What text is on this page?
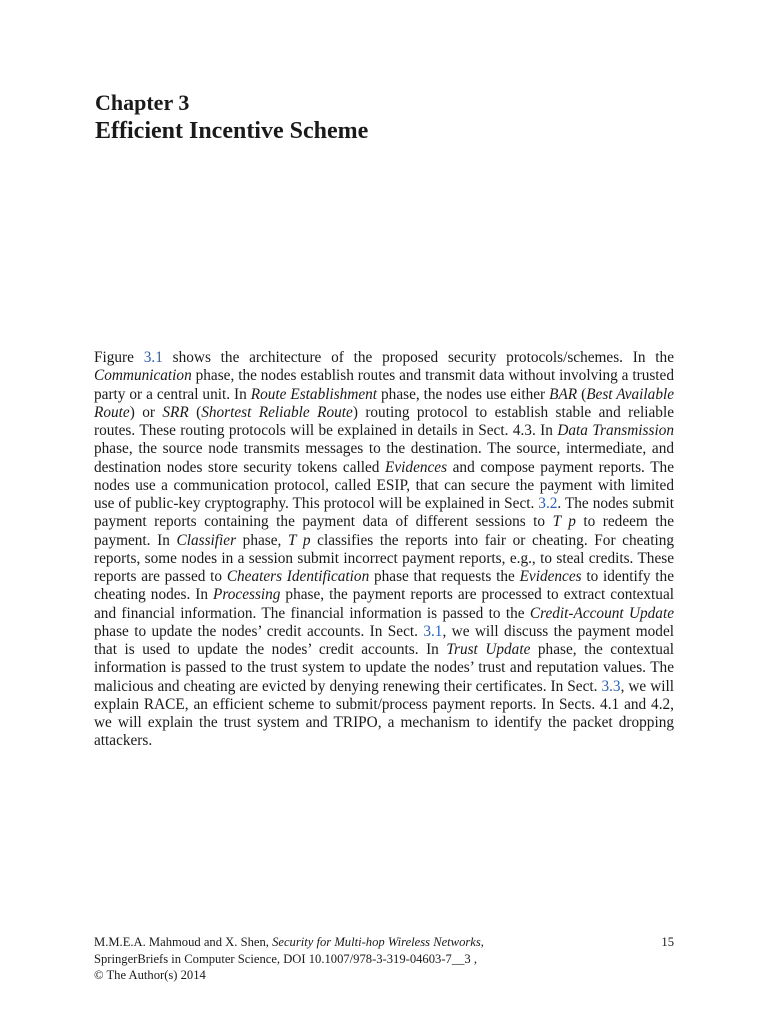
Chapter 3
Efficient Incentive Scheme

Figure 3.1 shows the architecture of the proposed security protocols/schemes. In the Communication phase, the nodes establish routes and transmit data without involving a trusted party or a central unit. In Route Establishment phase, the nodes use either BAR (Best Available Route) or SRR (Shortest Reliable Route) routing protocol to establish stable and reliable routes. These routing protocols will be explained in details in Sect. 4.3. In Data Transmission phase, the source node transmits messages to the destination. The source, intermediate, and destination nodes store security tokens called Evidences and compose payment reports. The nodes use a communication protocol, called ESIP, that can secure the payment with limited use of public-key cryptography. This protocol will be explained in Sect. 3.2. The nodes submit payment reports containing the payment data of different sessions to T p to redeem the payment. In Classifier phase, T p classifies the reports into fair or cheating. For cheating reports, some nodes in a session submit incorrect payment reports, e.g., to steal credits. These reports are passed to Cheaters Identification phase that requests the Evidences to identify the cheating nodes. In Processing phase, the payment reports are processed to extract contextual and financial information. The financial information is passed to the Credit-Account Update phase to update the nodes’ credit accounts. In Sect. 3.1, we will discuss the payment model that is used to update the nodes’ credit accounts. In Trust Update phase, the contextual information is passed to the trust system to update the nodes’ trust and reputation values. The malicious and cheating are evicted by denying renewing their certificates. In Sect. 3.3, we will explain RACE, an efficient scheme to submit/process payment reports. In Sects. 4.1 and 4.2, we will explain the trust system and TRIPO, a mechanism to identify the packet dropping attackers.

M.M.E.A. Mahmoud and X. Shen, Security for Multi-hop Wireless Networks,
SpringerBriefs in Computer Science, DOI 10.1007/978-3-319-04603-7__3 ,
© The Author(s) 2014
15
